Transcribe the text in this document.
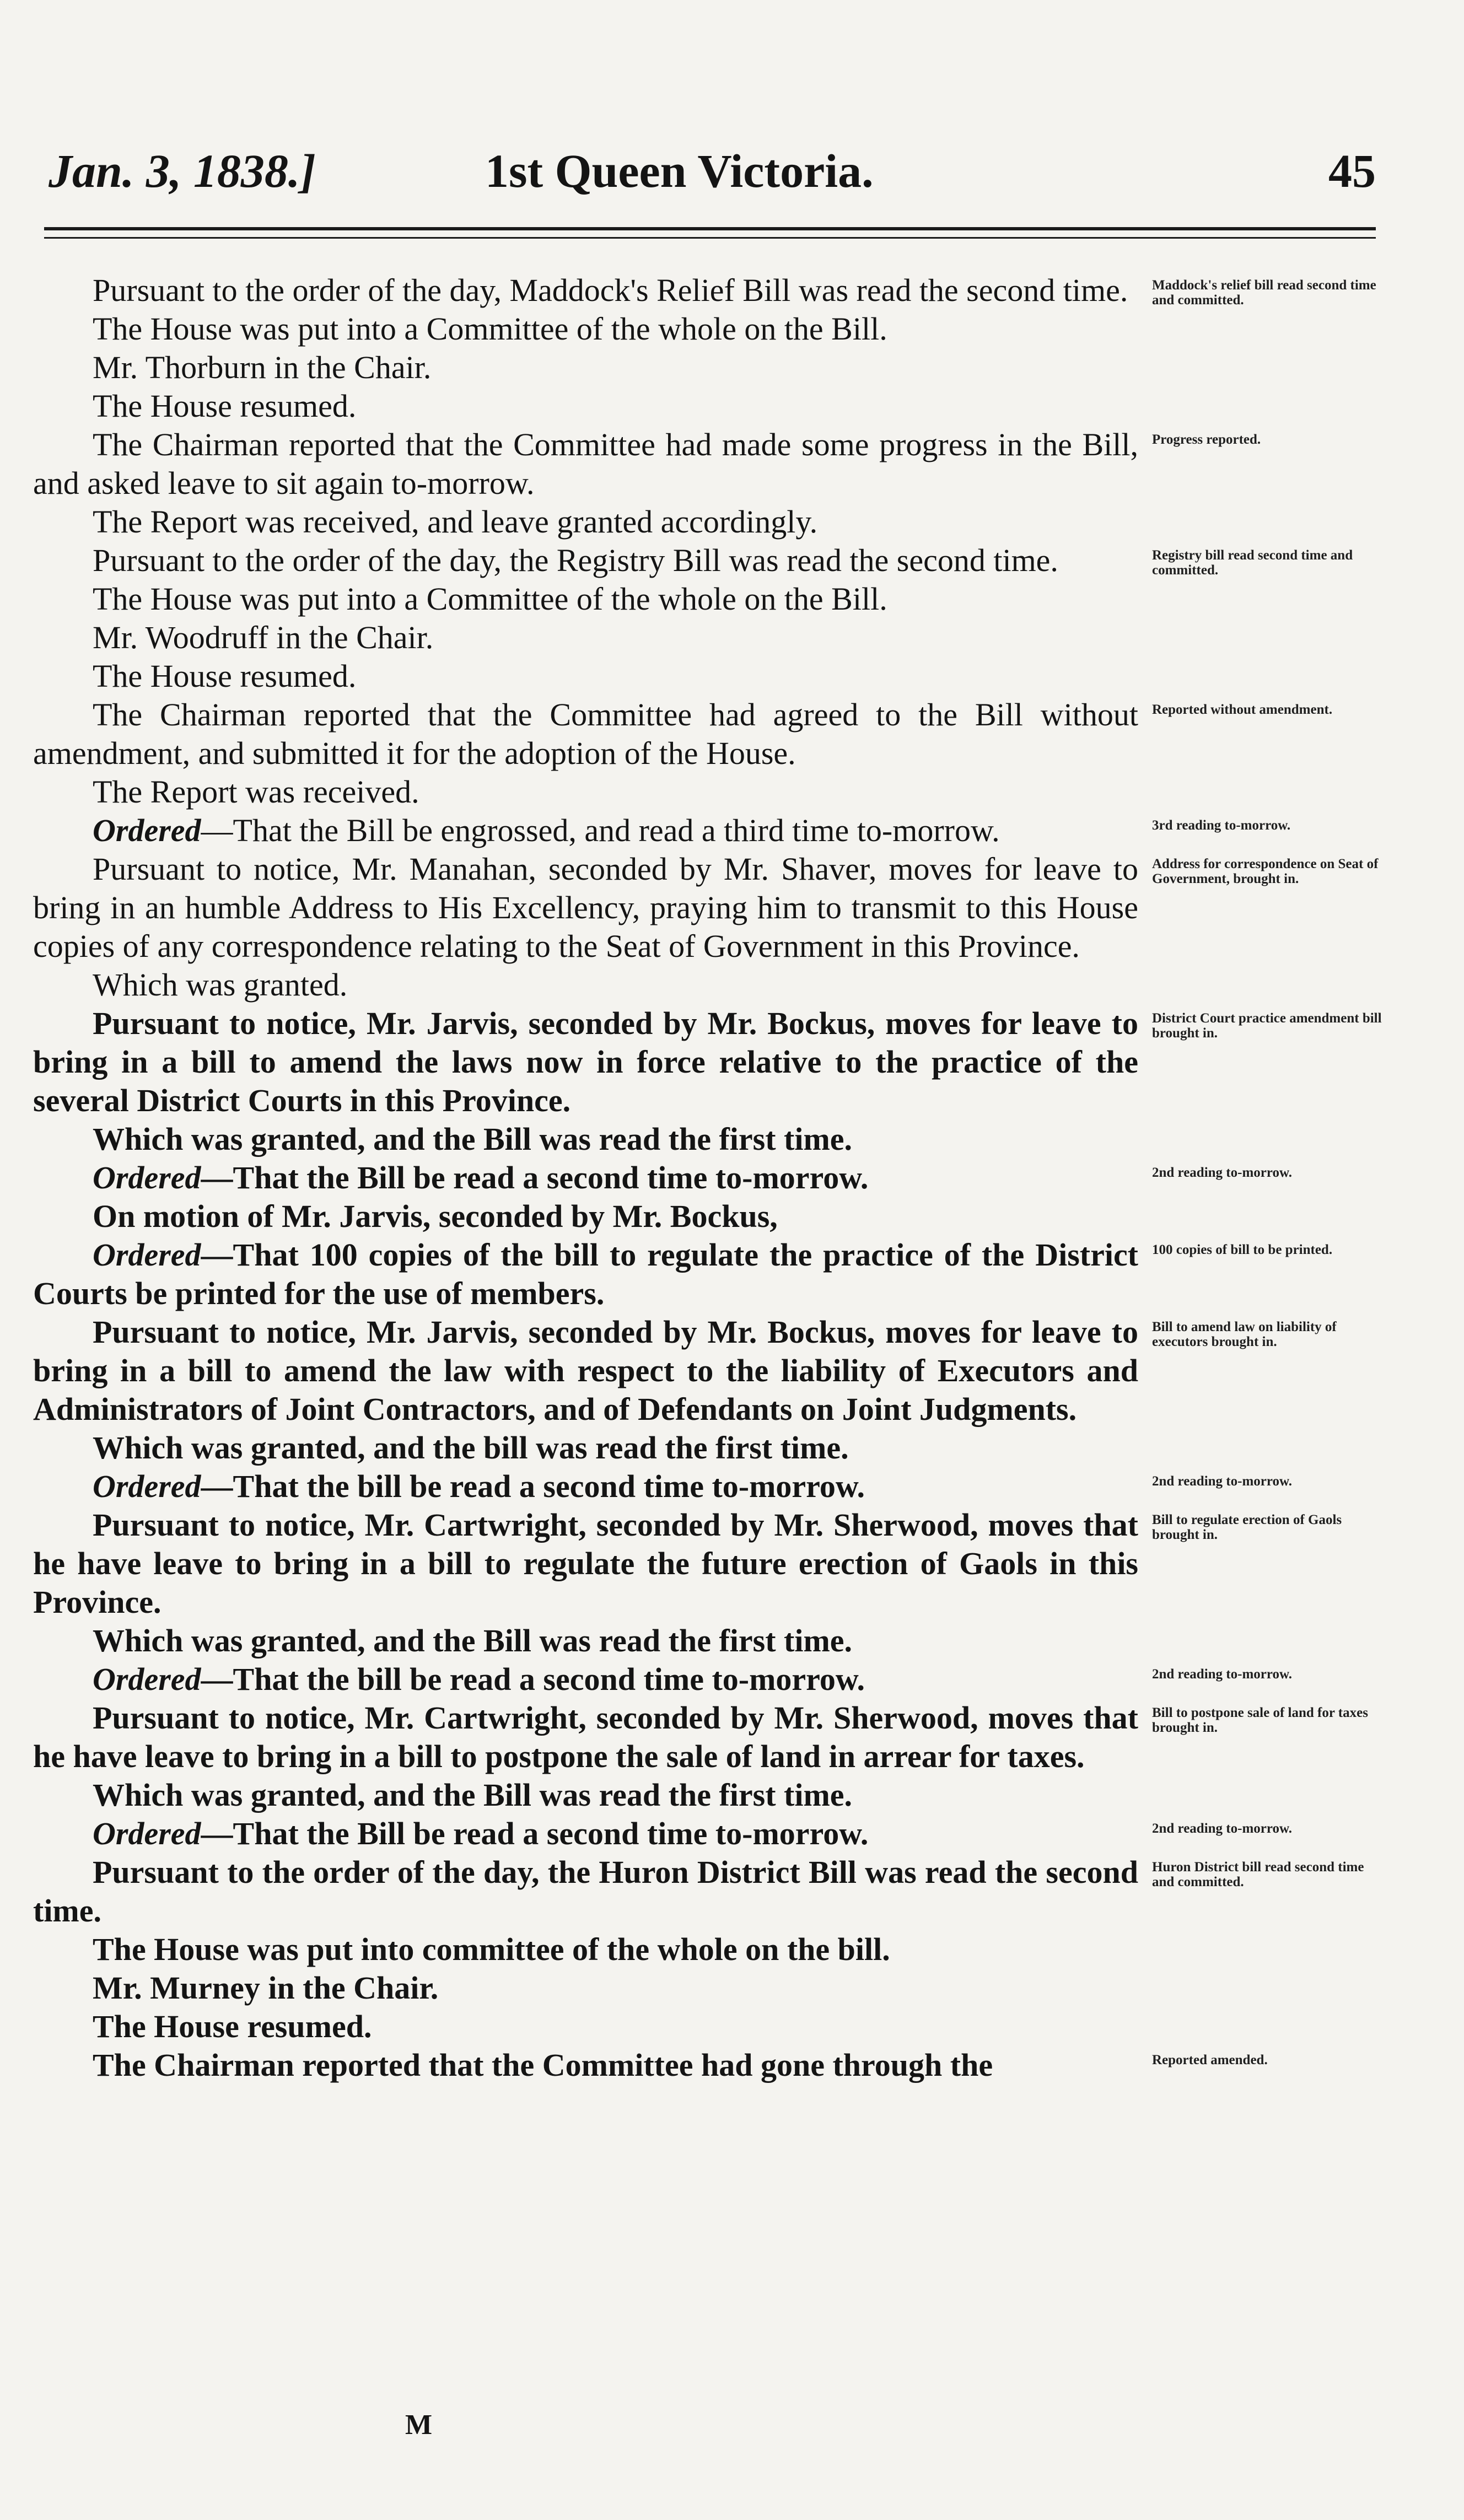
Jan. 3, 1838.]	1st Queen Victoria.	45

Pursuant to the order of the day, Maddock's Relief Bill was read the second time.	Maddock's relief bill read second time and committed.

The House was put into a Committee of the whole on the Bill.

Mr. Thorburn in the Chair.

The House resumed.

The Chairman reported that the Committee had made some progress in the Bill, and asked leave to sit again to-morrow.

Progress reported.

The Report was received, and leave granted accordingly.

Pursuant to the order of the day, the Registry Bill was read the second time.	Registry bill read second time and committed.

The House was put into a Committee of the whole on the Bill.

Mr. Woodruff in the Chair.

The House resumed.

The Chairman reported that the Committee had agreed to the Bill without amendment, and submitted it for the adoption of the House.

Reported without amendment.

The Report was received.

Ordered—That the Bill be engrossed, and read a third time to-morrow.	3rd reading to-morrow.

Pursuant to notice, Mr. Manahan, seconded by Mr. Shaver, moves for leave to bring in an humble Address to His Excellency, praying him to transmit to this House copies of any correspondence relating to the Seat of Government in this Province.

Address for correspondence on Seat of Government, brought in.

Which was granted.

Pursuant to notice, Mr. Jarvis, seconded by Mr. Bockus, moves for leave to bring in a bill to amend the laws now in force relative to the practice of the several District Courts in this Province.

District Court practice amendment bill brought in.

Which was granted, and the Bill was read the first time.

Ordered—That the Bill be read a second time to-morrow.	2nd reading to-morrow.

On motion of Mr. Jarvis, seconded by Mr. Bockus,

Ordered—That 100 copies of the bill to regulate the practice of the District Courts be printed for the use of members.

100 copies of bill to be printed.

Pursuant to notice, Mr. Jarvis, seconded by Mr. Bockus, moves for leave to bring in a bill to amend the law with respect to the liability of Executors and Administrators of Joint Contractors, and of Defendants on Joint Judgments.

Bill to amend law on liability of executors brought in.

Which was granted, and the bill was read the first time.

Ordered—That the bill be read a second time to-morrow.	2nd reading to-morrow.

Pursuant to notice, Mr. Cartwright, seconded by Mr. Sherwood, moves that he have leave to bring in a bill to regulate the future erection of Gaols in this Province.

Bill to regulate erection of Gaols brought in.

Which was granted, and the Bill was read the first time.

Ordered—That the bill be read a second time to-morrow.	2nd reading to-morrow.

Pursuant to notice, Mr. Cartwright, seconded by Mr. Sherwood, moves that he have leave to bring in a bill to postpone the sale of land in arrear for taxes.

Bill to postpone sale of land for taxes brought in.

Which was granted, and the Bill was read the first time.

Ordered—That the Bill be read a second time to-morrow.	2nd reading to-morrow.

Pursuant to the order of the day, the Huron District Bill was read the second time.

Huron District bill read second time and committed.

The House was put into committee of the whole on the bill.

Mr. Murney in the Chair.

The House resumed.

The Chairman reported that the Committee had gone through the	Reported amended.
M
